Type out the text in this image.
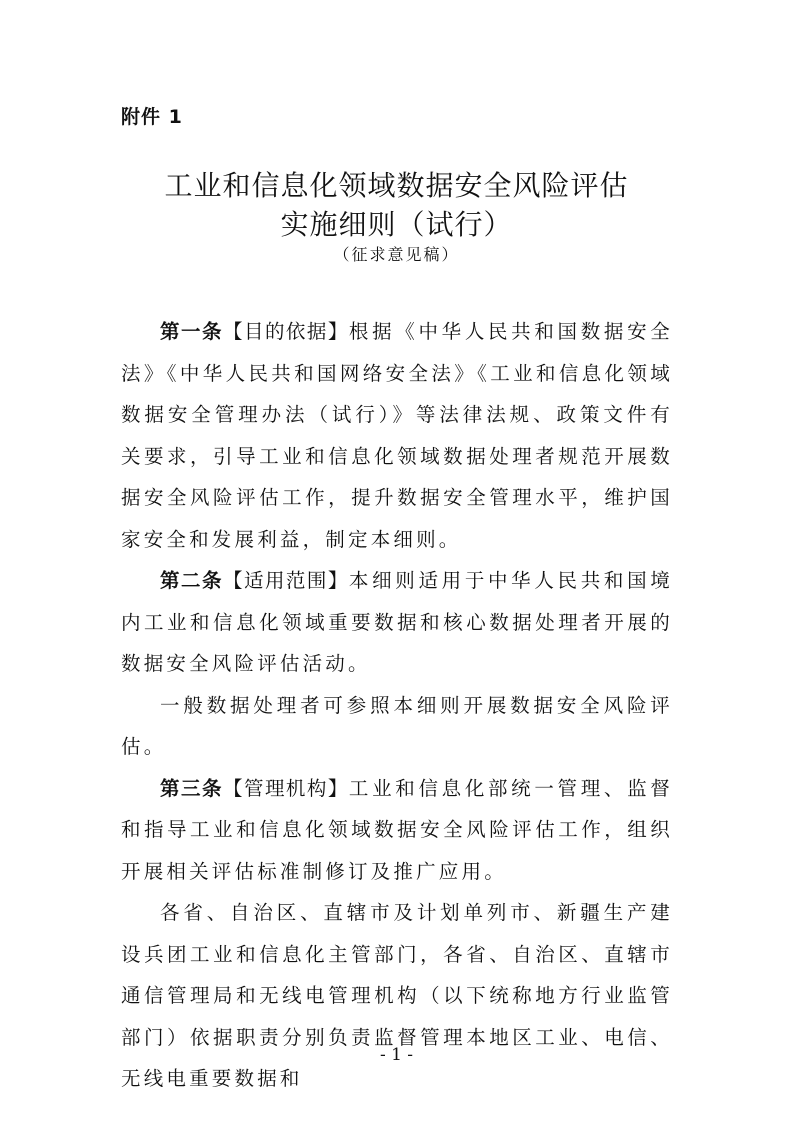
附件 1
工业和信息化领域数据安全风险评估
实施细则（试行）
（征求意见稿）

第一条【目的依据】根据《中华人民共和国数据安全法》《中华人民共和国网络安全法》《工业和信息化领域数据安全管理办法（试行）》等法律法规、政策文件有关要求，引导工业和信息化领域数据处理者规范开展数据安全风险评估工作，提升数据安全管理水平，维护国家安全和发展利益，制定本细则。

第二条【适用范围】本细则适用于中华人民共和国境内工业和信息化领域重要数据和核心数据处理者开展的数据安全风险评估活动。

一般数据处理者可参照本细则开展数据安全风险评估。

第三条【管理机构】工业和信息化部统一管理、监督和指导工业和信息化领域数据安全风险评估工作，组织开展相关评估标准制修订及推广应用。

各省、自治区、直辖市及计划单列市、新疆生产建设兵团工业和信息化主管部门，各省、自治区、直辖市通信管理局和无线电管理机构（以下统称地方行业监管部门）依据职责分别负责监督管理本地区工业、电信、无线电重要数据和

- 1 -
